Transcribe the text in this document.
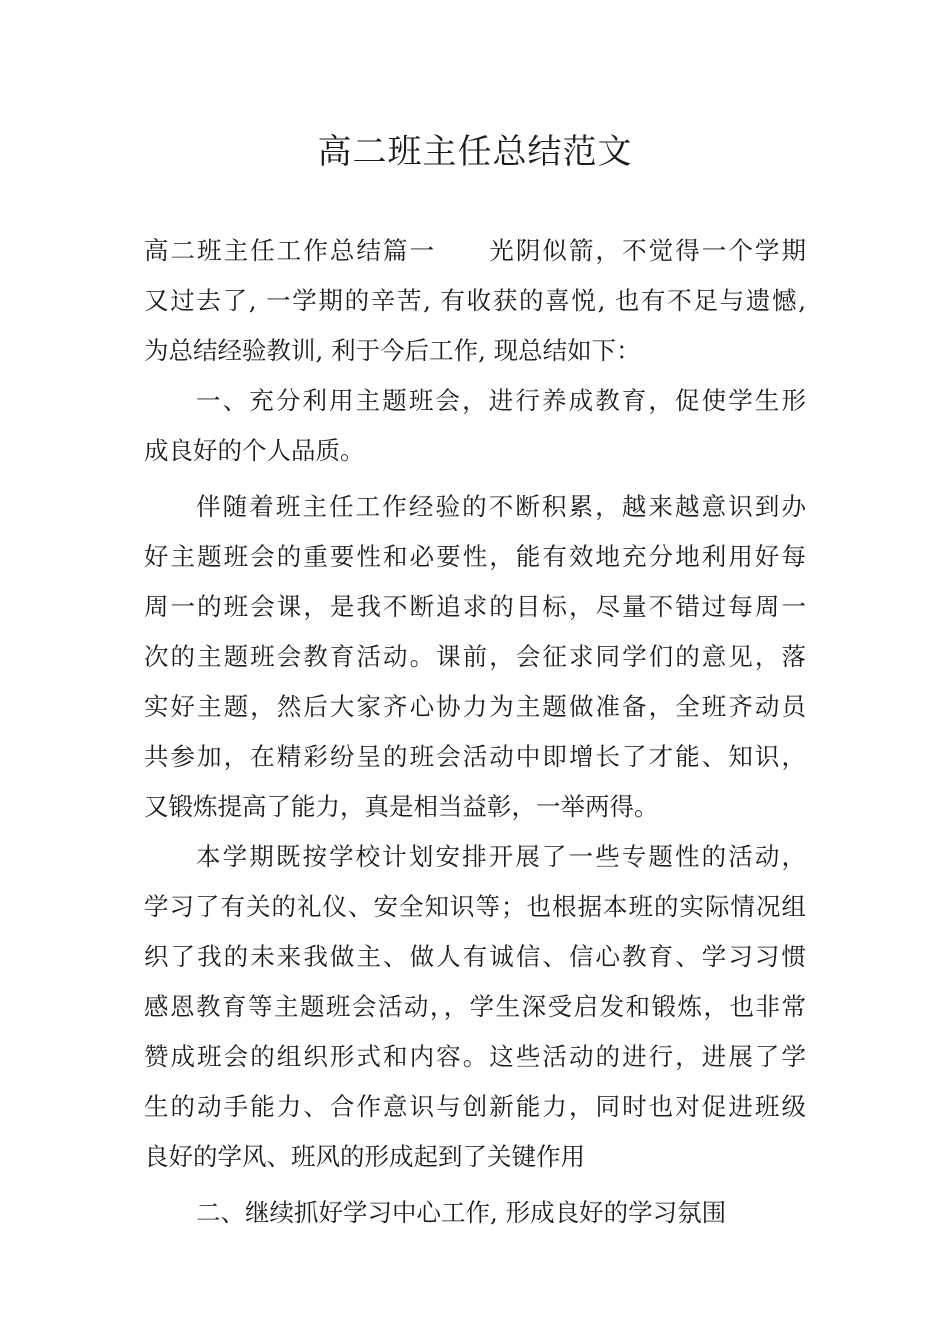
高二班主任总结范文
高二班主任工作总结篇一　　光阴似箭，不觉得一个学期
又过去了, 一学期的辛苦, 有收获的喜悦, 也有不足与遗憾,
为总结经验教训, 利于今后工作, 现总结如下：
一、充分利用主题班会，进行养成教育，促使学生形
成良好的个人品质。
伴随着班主任工作经验的不断积累，越来越意识到办
好主题班会的重要性和必要性，能有效地充分地利用好每
周一的班会课，是我不断追求的目标，尽量不错过每周一
次的主题班会教育活动。课前，会征求同学们的意见，落
实好主题，然后大家齐心协力为主题做准备，全班齐动员
共参加，在精彩纷呈的班会活动中即增长了才能、知识，
又锻炼提高了能力，真是相当益彰，一举两得。
本学期既按学校计划安排开展了一些专题性的活动，
学习了有关的礼仪、安全知识等；也根据本班的实际情况组
织了我的未来我做主、做人有诚信、信心教育、学习习惯
感恩教育等主题班会活动，，学生深受启发和锻炼，也非常
赞成班会的组织形式和内容。这些活动的进行，进展了学
生的动手能力、合作意识与创新能力，同时也对促进班级
良好的学风、班风的形成起到了关键作用
二、继续抓好学习中心工作, 形成良好的学习氛围
